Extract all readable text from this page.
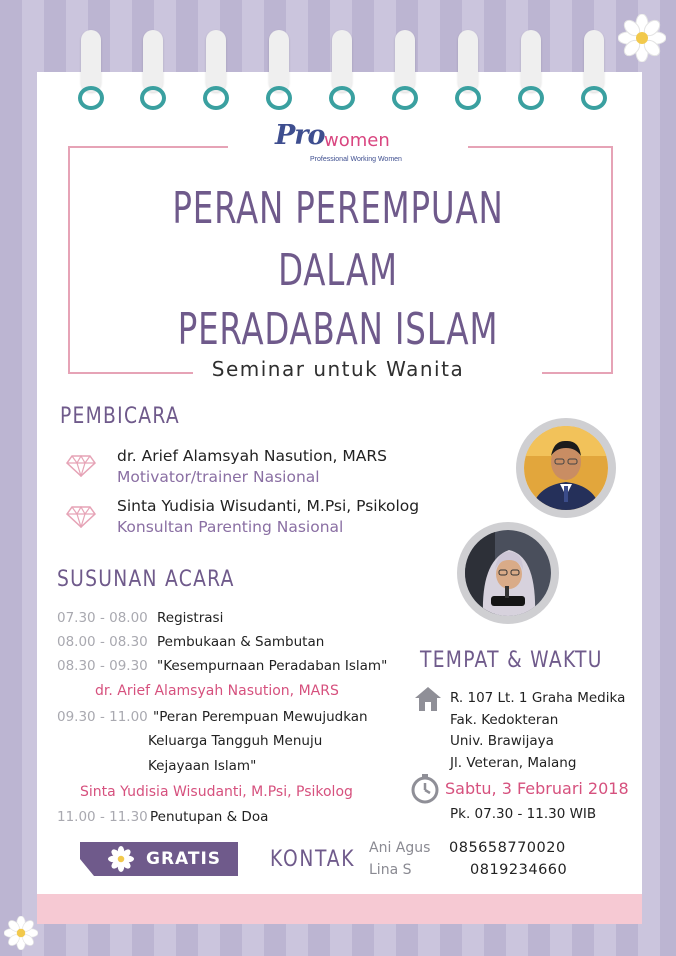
Pro women
Professional Working Women
PERAN PEREMPUAN
DALAM
PERADABAN ISLAM
Seminar untuk Wanita
PEMBICARA
dr. Arief Alamsyah Nasution, MARS
Motivator/trainer Nasional
Sinta Yudisia Wisudanti, M.Psi, Psikolog
Konsultan Parenting Nasional
SUSUNAN ACARA
07.30 - 08.00 Registrasi
08.00 - 08.30 Pembukaan & Sambutan
08.30 - 09.30 "Kesempurnaan Peradaban Islam"
dr. Arief Alamsyah Nasution, MARS
09.30 - 11.00 "Peran Perempuan Mewujudkan
Keluarga Tangguh Menuju
Kejayaan Islam"
Sinta Yudisia Wisudanti, M.Psi, Psikolog
11.00 - 11.30 Penutupan & Doa
TEMPAT & WAKTU
R. 107 Lt. 1 Graha Medika
Fak. Kedokteran
Univ. Brawijaya
Jl. Veteran, Malang
Sabtu, 3 Februari 2018
Pk. 07.30 - 11.30 WIB
GRATIS KONTAK Ani Agus 085658770020
Lina S	0819234660
